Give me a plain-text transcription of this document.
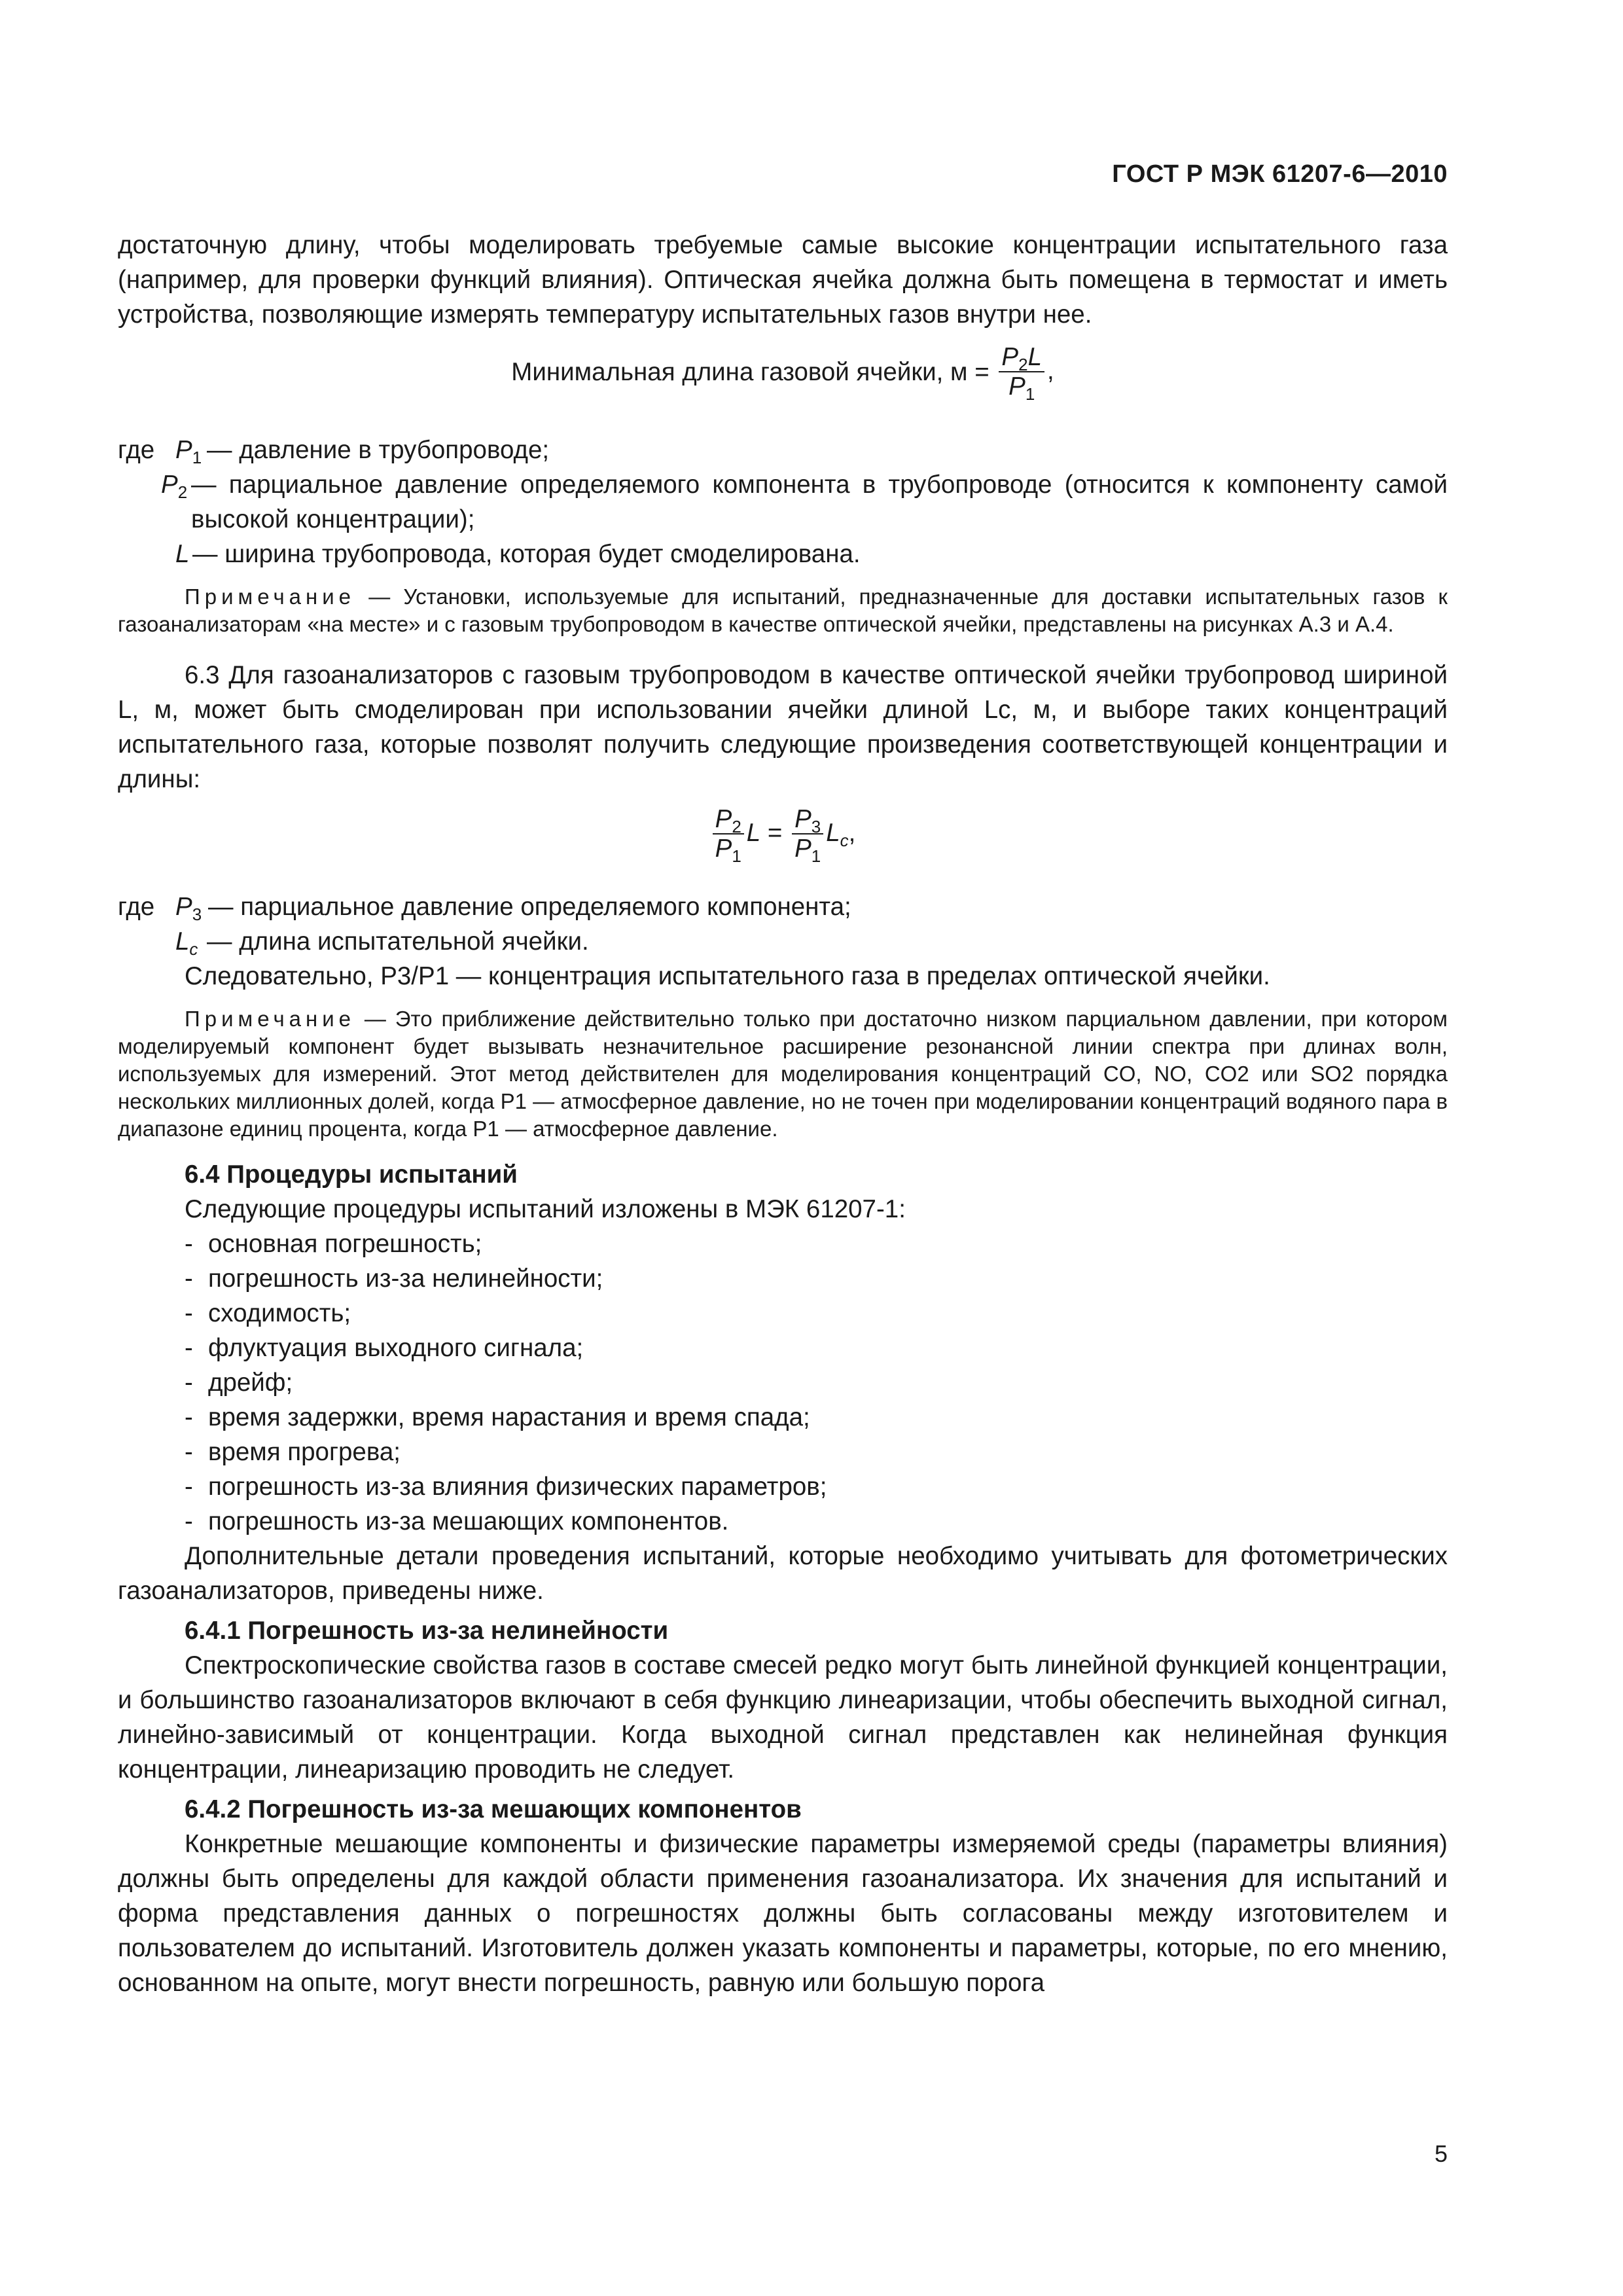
ГОСТ Р МЭК 61207-6—2010

достаточную длину, чтобы моделировать требуемые самые высокие концентрации испытательного газа (например, для проверки функций влияния). Оптическая ячейка должна быть помещена в термостат и иметь устройства, позволяющие измерять температуру испытательных газов внутри нее.

Минимальная длина газовой ячейки, $м = \frac{P_2L}{P_1}$ ,
где $P_1$ — давление в трубопроводе;
$P_2$ — парциальное давление определяемого компонента в трубопроводе (относится к компоненту самой высокой концентрации);
L — ширина трубопровода, которая будет смоделирована.

Примечание — Установки, используемые для испытаний, предназначенные для доставки испытательных газов к газоанализаторам «на месте» и с газовым трубопроводом в качестве оптической ячейки, представлены на рисунках А.3 и А.4.

6.3 Для газоанализаторов с газовым трубопроводом в качестве оптической ячейки трубопровод шириной L, м, может быть смоделирован при использовании ячейки длиной Lc, м, и выборе таких концентраций испытательного газа, которые позволят получить следующие произведения соответствующей концентрации и длины:

$\frac{P_2}{P_1}$ $L = \frac{P_3}{P_1} L_c$,
где $P_3$ — парциальное давление определяемого компонента;
$L_c$ — длина испытательной ячейки.

Следовательно, P3/P1 — концентрация испытательного газа в пределах оптической ячейки.

Примечание — Это приближение действительно только при достаточно низком парциальном давлении, при котором моделируемый компонент будет вызывать незначительное расширение резонансной линии спектра при длинах волн, используемых для измерений. Этот метод действителен для моделирования концентраций CO, NO, CO2 или SO2 порядка нескольких миллионных долей, когда P1 — атмосферное давление, но не точен при моделировании концентраций водяного пара в диапазоне единиц процента, когда P1 — атмосферное давление.

6.4 Процедуры испытаний

Следующие процедуры испытаний изложены в МЭК 61207-1:

- основная погрешность;

- погрешность из-за нелинейности;

- сходимость;

- флуктуация выходного сигнала;

- дрейф;

- время задержки, время нарастания и время спада;

- время прогрева;

- погрешность из-за влияния физических параметров;

- погрешность из-за мешающих компонентов.

Дополнительные детали проведения испытаний, которые необходимо учитывать для фотометрических газоанализаторов, приведены ниже.

6.4.1 Погрешность из-за нелинейности

Спектроскопические свойства газов в составе смесей редко могут быть линейной функцией концентрации, и большинство газоанализаторов включают в себя функцию линеаризации, чтобы обеспечить выходной сигнал, линейно-зависимый от концентрации. Когда выходной сигнал представлен как нелинейная функция концентрации, линеаризацию проводить не следует.

6.4.2 Погрешность из-за мешающих компонентов

Конкретные мешающие компоненты и физические параметры измеряемой среды (параметры влияния) должны быть определены для каждой области применения газоанализатора. Их значения для испытаний и форма представления данных о погрешностях должны быть согласованы между изготовителем и пользователем до испытаний. Изготовитель должен указать компоненты и параметры, которые, по его мнению, основанном на опыте, могут внести погрешность, равную или большую порога

5
